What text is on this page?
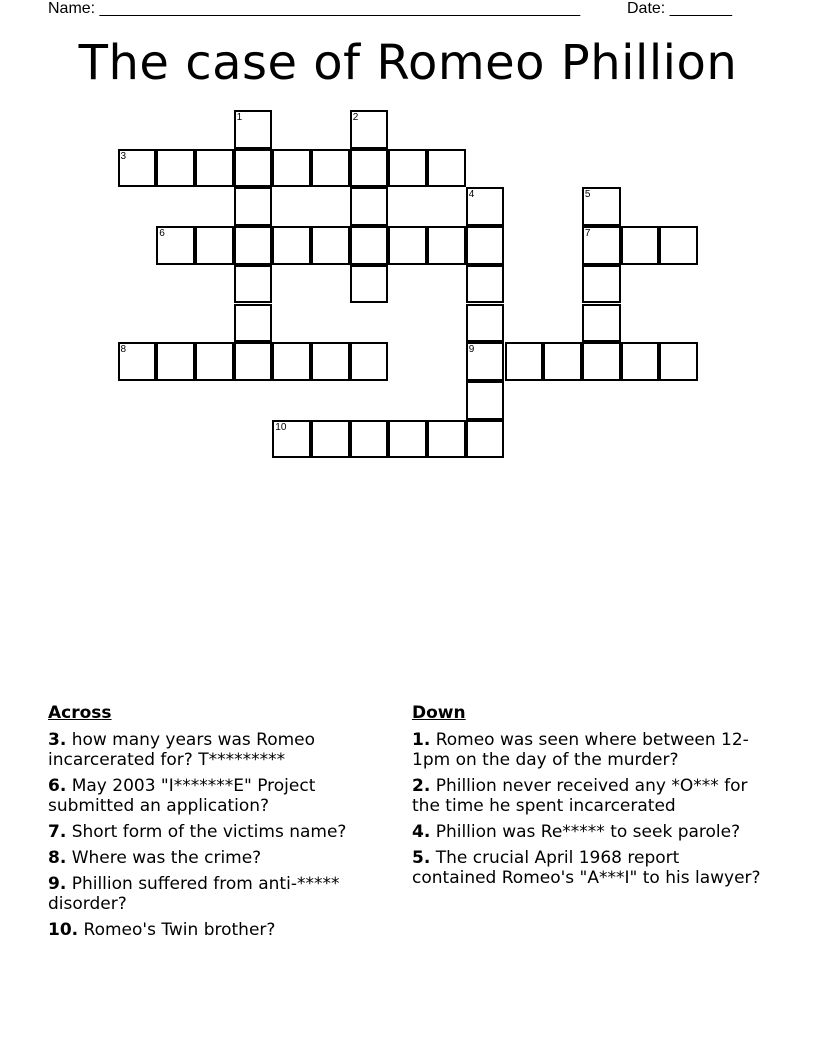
Name: ______________________________________________________	Date: _______
The case of Romeo Phillion
1	2
3
4
9
5
7
6
8
10
Across
3. how many years was Romeo incarcerated for? T*********
6. May 2003 "I*******E" Project submitted an application?
7. Short form of the victims name?
8. Where was the crime?
9. Phillion suffered from anti-***** disorder?
10. Romeo's Twin brother?
Down
1. Romeo was seen where between 12-1pm on the day of the murder?
2. Phillion never received any *O*** for the time he spent incarcerated
4. Phillion was Re***** to seek parole?
5. The crucial April 1968 report contained Romeo's "A***I" to his lawyer?
